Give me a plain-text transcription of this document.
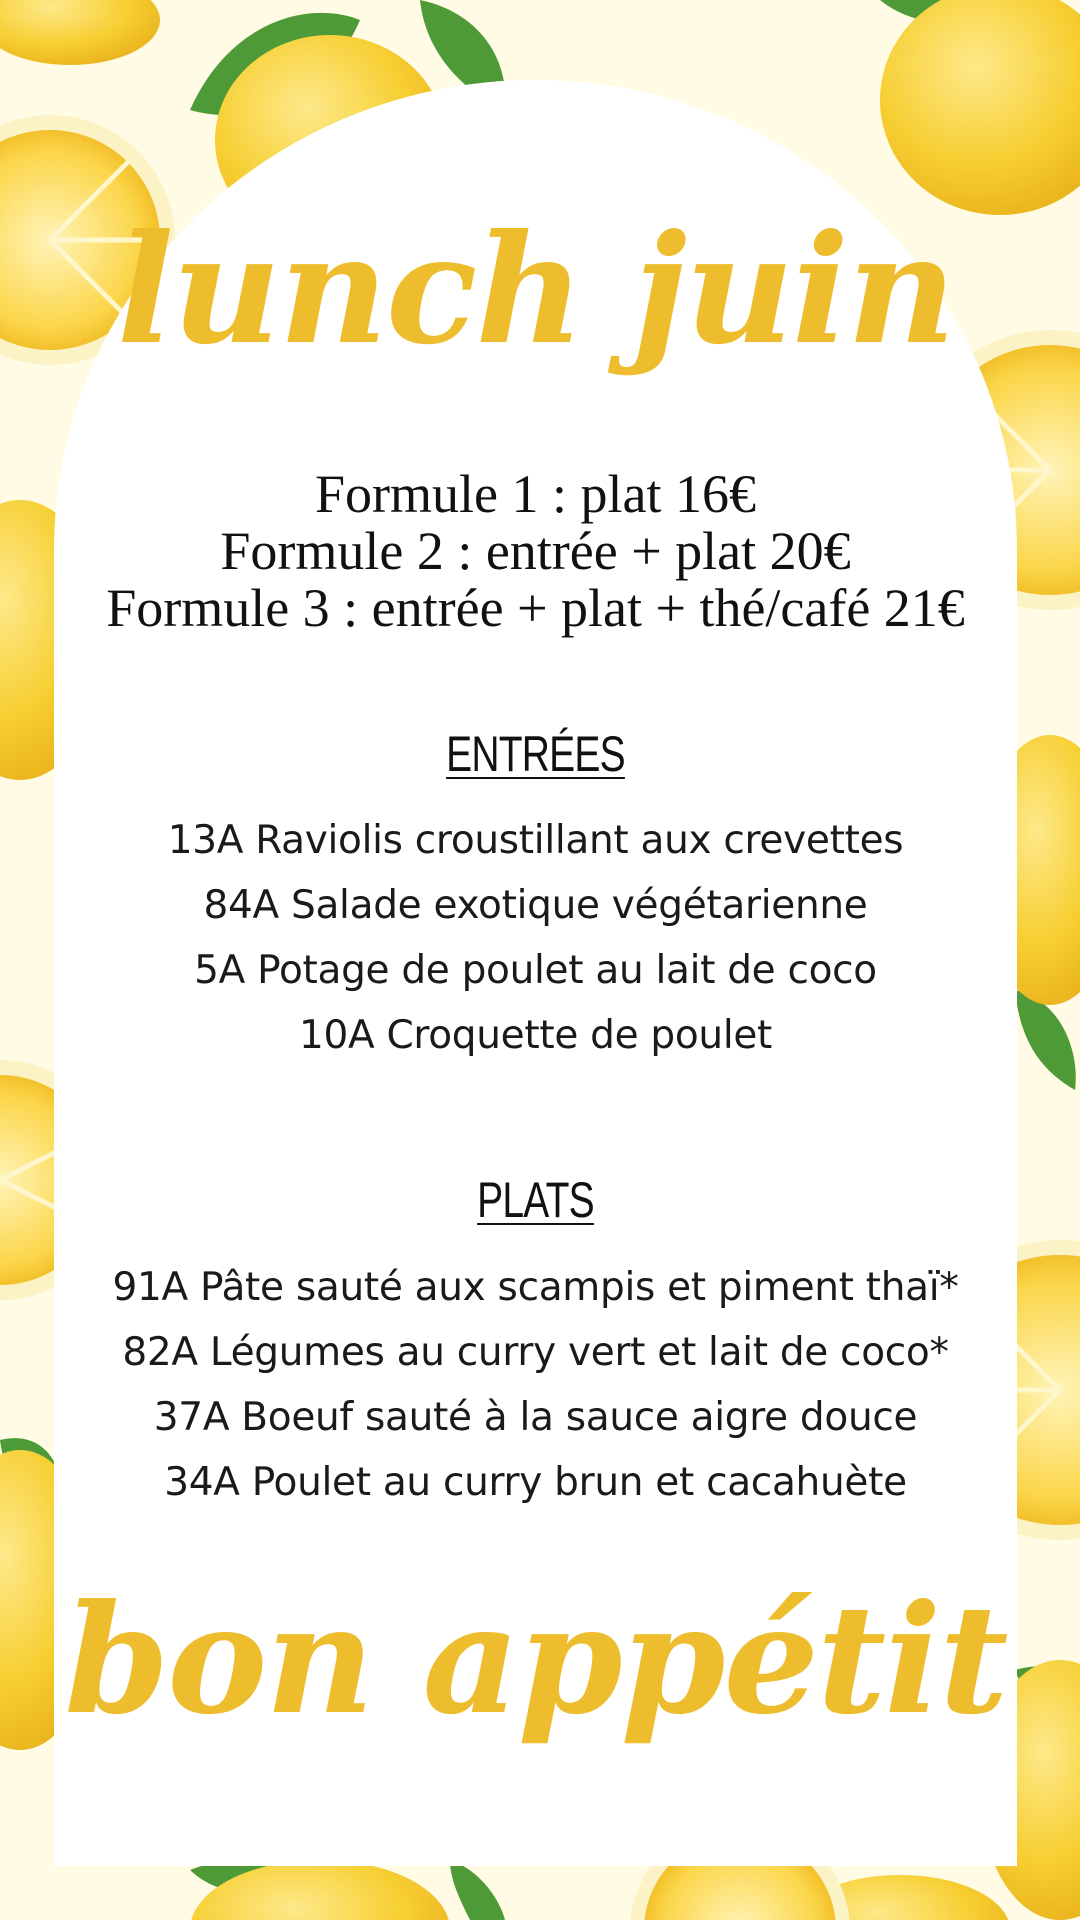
lunch juin
Formule 1 : plat 16€
Formule 2 : entrée + plat 20€
Formule 3 : entrée + plat + thé/café 21€
ENTRÉES
13A Raviolis croustillant aux crevettes
84A Salade exotique végétarienne
5A Potage de poulet au lait de coco
10A Croquette de poulet
PLATS
91A Pâte sauté aux scampis et piment thaï*
82A Légumes au curry vert et lait de coco*
37A Boeuf sauté à la sauce aigre douce
34A Poulet au curry brun et cacahuète
bon appétit
